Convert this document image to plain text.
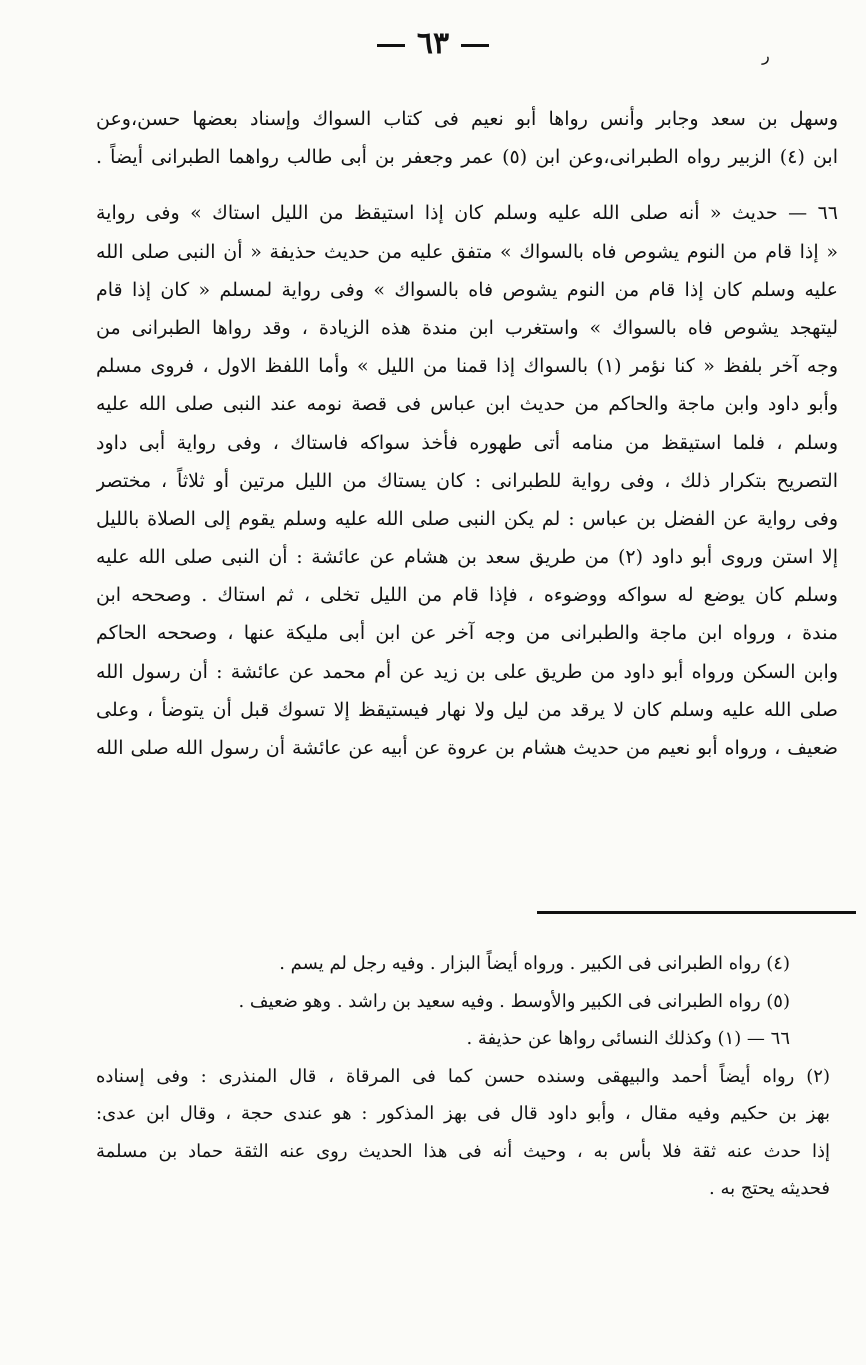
٦٣	ر
وسهل بن سعد وجابر وأنس رواها أبو نعيم فى كتاب السواك وإسناد بعضها حسن،وعن
ابن (٤) الزبير رواه الطبرانى،وعن ابن (٥) عمر وجعفر بن أبى طالب رواهما الطبرانى أيضاً .
٦٦ — حديث « أنه صلى الله عليه وسلم كان إذا استيقظ من الليل استاك » وفى رواية
« إذا قام من النوم يشوص فاه بالسواك » متفق عليه من حديث حذيفة « أن النبى صلى الله
عليه وسلم كان إذا قام من النوم يشوص فاه بالسواك » وفى رواية لمسلم « كان إذا قام
ليتهجد يشوص فاه بالسواك » واستغرب ابن مندة هذه الزيادة ، وقد رواها الطبرانى من
وجه آخر بلفظ « كنا نؤمر (١) بالسواك إذا قمنا من الليل » وأما اللفظ الاول ، فروى مسلم
وأبو داود وابن ماجة والحاكم من حديث ابن عباس فى قصة نومه عند النبى صلى الله عليه
وسلم ، فلما استيقظ من منامه أتى طهوره فأخذ سواكه فاستاك ، وفى رواية أبى داود
التصريح بتكرار ذلك ، وفى رواية للطبرانى : كان يستاك من الليل مرتين أو ثلاثاً ، مختصر
وفى رواية عن الفضل بن عباس : لم يكن النبى صلى الله عليه وسلم يقوم إلى الصلاة بالليل
إلا استن وروى أبو داود (٢) من طريق سعد بن هشام عن عائشة : أن النبى صلى الله عليه
وسلم كان يوضع له سواكه ووضوءه ، فإذا قام من الليل تخلى ، ثم استاك . وصححه ابن
مندة ، ورواه ابن ماجة والطبرانى من وجه آخر عن ابن أبى مليكة عنها ، وصححه الحاكم
وابن السكن ورواه أبو داود من طريق على بن زيد عن أم محمد عن عائشة : أن رسول الله
صلى الله عليه وسلم كان لا يرقد من ليل ولا نهار فيستيقظ إلا تسوك قبل أن يتوضأ ، وعلى
ضعيف ، ورواه أبو نعيم من حديث هشام بن عروة عن أبيه عن عائشة أن رسول الله صلى الله
(٤) رواه الطبرانى فى الكبير . ورواه أيضاً البزار . وفيه رجل لم يسم .
(٥) رواه الطبرانى فى الكبير والأوسط . وفيه سعيد بن راشد . وهو ضعيف .
٦٦ — (١) وكذلك النسائى رواها عن حذيفة .
(٢) رواه أيضاً أحمد والبيهقى وسنده حسن كما فى المرقاة ، قال المنذرى : وفى إسناده
بهز بن حكيم وفيه مقال ، وأبو داود قال فى بهز المذكور : هو عندى حجة ، وقال ابن عدى:
إذا حدث عنه ثقة فلا بأس به ، وحيث أنه فى هذا الحديث روى عنه الثقة حماد بن مسلمة
فحديثه يحتج به .
